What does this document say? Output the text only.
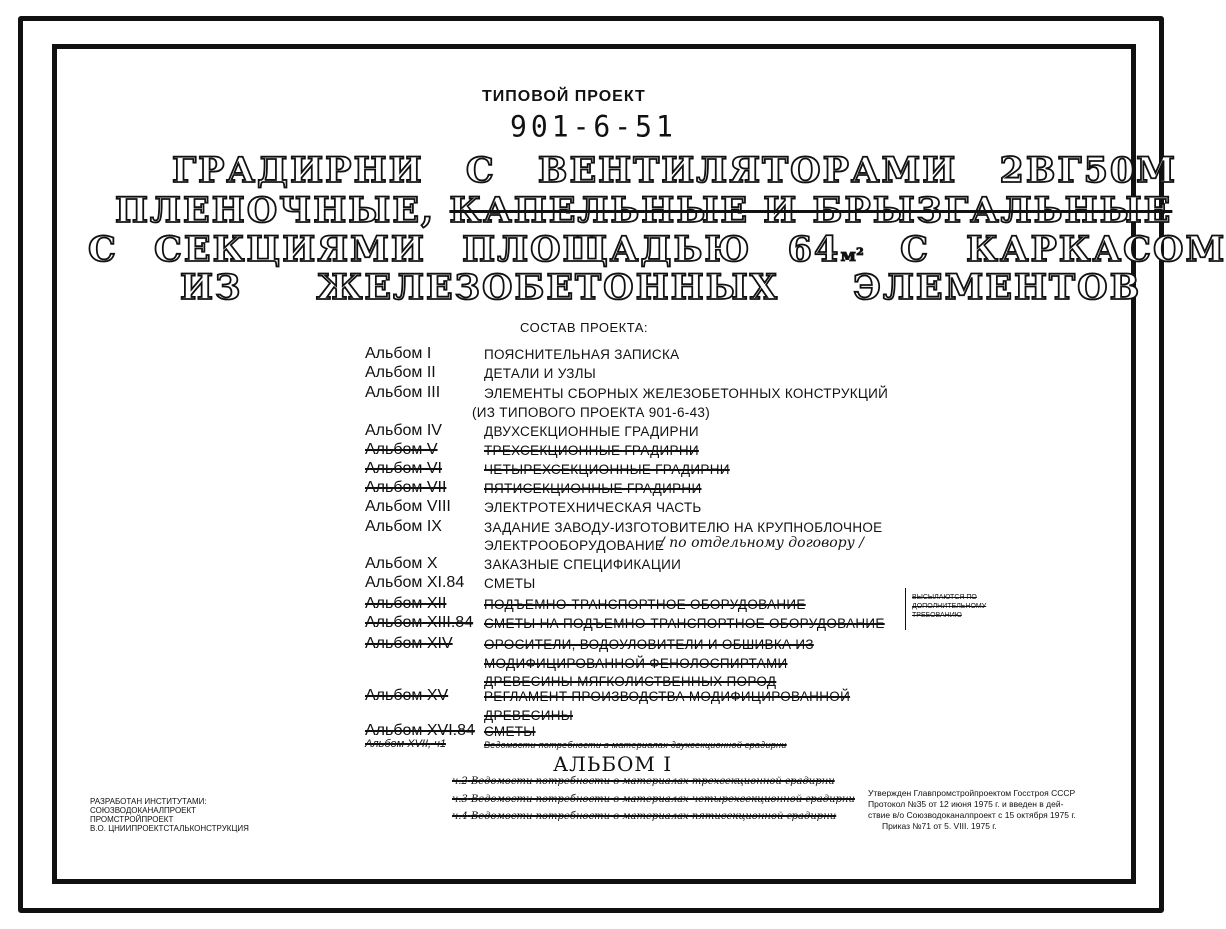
ТИПОВОЙ ПРОЕКТ
901-6-51
ГРАДИРНИ С ВЕНТИЛЯТОРАМИ 2ВГ50М
ПЛЕНОЧНЫЕ, КАПЕЛЬНЫЕ И БРЫЗГАЛЬНЫЕ
С СЕКЦИЯМИ ПЛОЩАДЬЮ 64м² С КАРКАСОМ
ИЗ ЖЕЛЕЗОБЕТОННЫХ ЭЛЕМЕНТОВ
СОСТАВ ПРОЕКТА:
Альбом I	ПОЯСНИТЕЛЬНАЯ ЗАПИСКА
Альбом II	ДЕТАЛИ И УЗЛЫ
Альбом III	ЭЛЕМЕНТЫ СБОРНЫХ ЖЕЛЕЗОБЕТОННЫХ КОНСТРУКЦИЙ
(ИЗ ТИПОВОГО ПРОЕКТА 901-6-43)
Альбом IV	ДВУХСЕКЦИОННЫЕ ГРАДИРНИ
Альбом V	ТРЕХСЕКЦИОННЫЕ ГРАДИРНИ
Альбом VI	ЧЕТЫРЕХСЕКЦИОННЫЕ ГРАДИРНИ
Альбом VII	ПЯТИСЕКЦИОННЫЕ ГРАДИРНИ
Альбом VIII ЭЛЕКТРОТЕХНИЧЕСКАЯ ЧАСТЬ
Альбом IX	ЗАДАНИЕ ЗАВОДУ-ИЗГОТОВИТЕЛЮ НА КРУПНОБЛОЧНОЕ
ЭЛЕКТРООБОРУДОВАНИЕ
Альбом X	ЗАКАЗНЫЕ СПЕЦИФИКАЦИИ
Альбом XI.84 СМЕТЫ
Альбом XII	ПОДЪЕМНО-ТРАНСПОРТНОЕ ОБОРУДОВАНИЕ
Альбом XIII.84 СМЕТЫ НА ПОДЪЕМНО-ТРАНСПОРТНОЕ ОБОРУДОВАНИЕ
Альбом XIV ОРОСИТЕЛИ, ВОДОУЛОВИТЕЛИ И ОБШИВКА ИЗ
МОДИФИЦИРОВАННОЙ ФЕНОЛОСПИРТАМИ
ДРЕВЕСИНЫ МЯГКОЛИСТВЕННЫХ ПОРОД
Альбом XV	РЕГЛАМЕНТ ПРОИЗВОДСТВА МОДИФИЦИРОВАННОЙ
ДРЕВЕСИНЫ
Альбом XVI.84 СМЕТЫ
Альбом XVII, ч1	Ведомости потребности в материалах двухсекционной градирни
/ по отдельному договору /
ВЫСЫЛАЮТСЯ ПО
ДОПОЛНИТЕЛЬНОМУ
ТРЕБОВАНИЮ
АЛЬБОМ I
ч.2 Ведомости потребности в материалах трехсекционной градирни
ч.3 Ведомости потребности в материалах четырехсекционной градирни
ч.4 Ведомости потребности в материалах пятисекционной градирни
РАЗРАБОТАН ИНСТИТУТАМИ:
СОЮЗВОДОКАНАЛПРОЕКТ
ПРОМСТРОЙПРОЕКТ
В.О. ЦНИИПРОЕКТСТАЛЬКОНСТРУКЦИЯ
Утвержден Главпромстройпроектом Госстроя СССР
Протокол №35 от 12 июня 1975 г. и введен в дей-
ствие в/о Союзводоканалпроект с 15 октября 1975 г.
Приказ №71 от 5. VIII. 1975 г.
